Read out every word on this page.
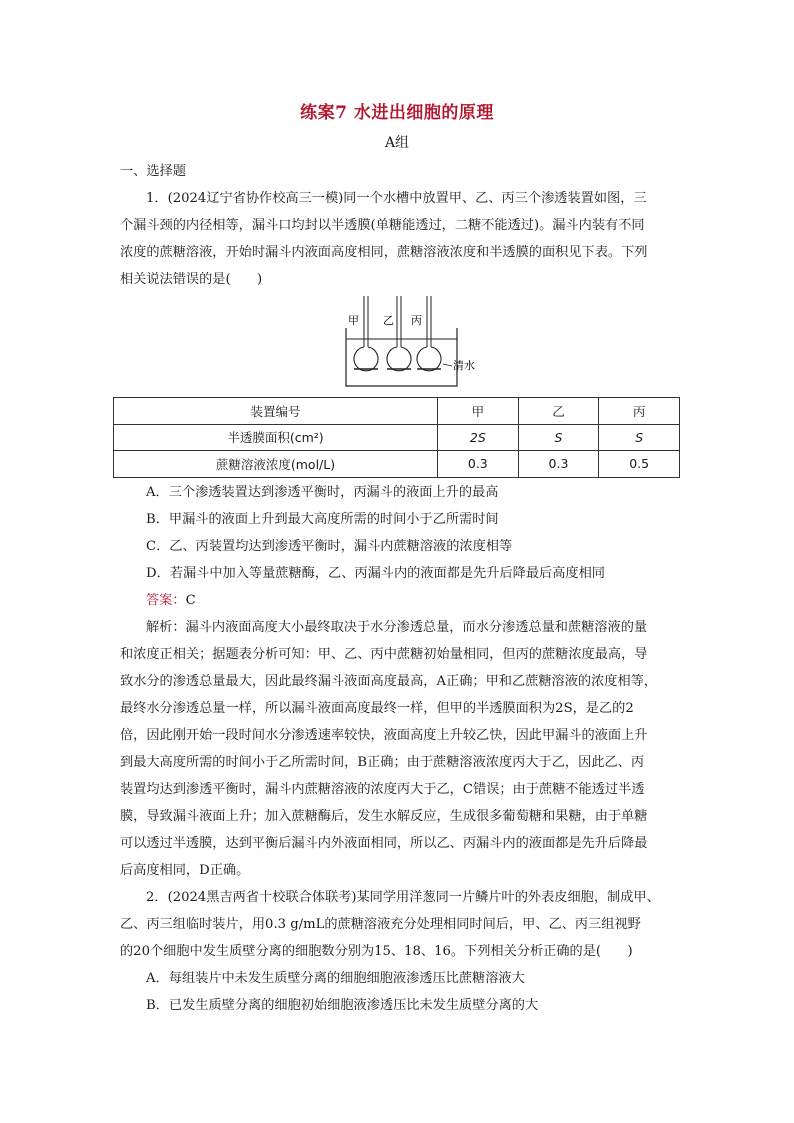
练案7 水进出细胞的原理
A组
一、选择题
1．(2024辽宁省协作校高三一模)同一个水槽中放置甲、乙、丙三个渗透装置如图，三
个漏斗颈的内径相等，漏斗口均封以半透膜(单糖能透过，二糖不能透过)。漏斗内装有不同
浓度的蔗糖溶液，开始时漏斗内液面高度相同，蔗糖溶液浓度和半透膜的面积见下表。下列
相关说法错误的是(　　)
甲 乙 丙
清水
装置编号	甲	乙	丙
半透膜面积(cm²)	2S	S	S
蔗糖溶液浓度(mol/L)	0.3	0.3	0.5
A．三个渗透装置达到渗透平衡时，丙漏斗的液面上升的最高
B．甲漏斗的液面上升到最大高度所需的时间小于乙所需时间
C．乙、丙装置均达到渗透平衡时，漏斗内蔗糖溶液的浓度相等
D．若漏斗中加入等量蔗糖酶，乙、丙漏斗内的液面都是先升后降最后高度相同
答案：C
解析：漏斗内液面高度大小最终取决于水分渗透总量，而水分渗透总量和蔗糖溶液的量
和浓度正相关；据题表分析可知：甲、乙、丙中蔗糖初始量相同，但丙的蔗糖浓度最高，导
致水分的渗透总量最大，因此最终漏斗液面高度最高，A正确；甲和乙蔗糖溶液的浓度相等，
最终水分渗透总量一样，所以漏斗液面高度最终一样，但甲的半透膜面积为2S，是乙的2
倍，因此刚开始一段时间水分渗透速率较快，液面高度上升较乙快，因此甲漏斗的液面上升
到最大高度所需的时间小于乙所需时间，B正确；由于蔗糖溶液浓度丙大于乙，因此乙、丙
装置均达到渗透平衡时，漏斗内蔗糖溶液的浓度丙大于乙，C错误；由于蔗糖不能透过半透
膜，导致漏斗液面上升；加入蔗糖酶后，发生水解反应，生成很多葡萄糖和果糖，由于单糖
可以透过半透膜，达到平衡后漏斗内外液面相同，所以乙、丙漏斗内的液面都是先升后降最
后高度相同，D正确。
2．(2024黑吉两省十校联合体联考)某同学用洋葱同一片鳞片叶的外表皮细胞，制成甲、
乙、丙三组临时装片，用0.3 g/mL的蔗糖溶液充分处理相同时间后，甲、乙、丙三组视野
的20个细胞中发生质壁分离的细胞数分别为15、18、16。下列相关分析正确的是(　　)
A．每组装片中未发生质壁分离的细胞细胞液渗透压比蔗糖溶液大
B．已发生质壁分离的细胞初始细胞液渗透压比未发生质壁分离的大
